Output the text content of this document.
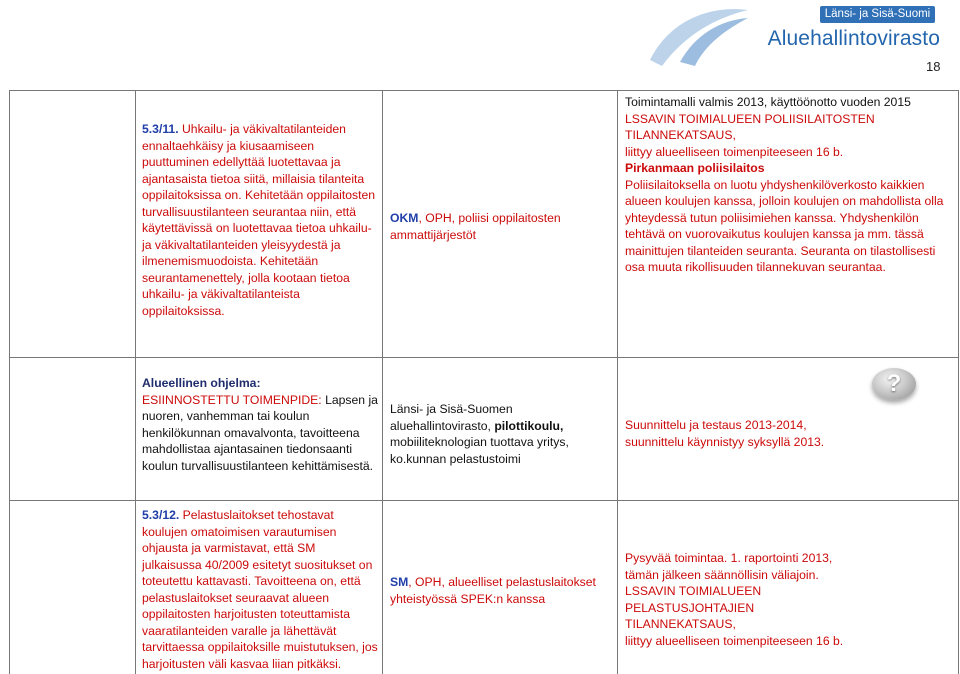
Länsi- ja Sisä-Suomi
Aluehallintovirasto
18
5.3/11. Uhkailu- ja väkivaltatilanteiden ennaltaehkäisy ja kiusaamiseen puuttuminen edellyttää luotettavaa ja ajantasaista tietoa siitä, millaisia tilanteita oppilaitoksissa on. Kehitetään oppilaitosten turvallisuustilanteen seurantaa niin, että käytettävissä on luotettavaa tietoa uhkailu- ja väkivaltatilanteiden yleisyydestä ja ilmenemismuodoista. Kehitetään seurantamenettely, jolla kootaan tietoa uhkailu- ja väkivaltatilanteista oppilaitoksissa.
OKM, OPH, poliisi oppilaitosten ammattijärjestöt
Toimintamalli valmis 2013, käyttöönotto vuoden 2015
LSSAVIN TOIMIALUEEN POLIISILAITOSTEN TILANNEKATSAUS,
liittyy alueelliseen toimenpiteeseen 16 b.
Pirkanmaan poliisilaitos
Poliisilaitoksella on luotu yhdyshenkilöverkosto kaikkien alueen koulujen kanssa, jolloin koulujen on mahdollista olla yhteydessä tutun poliisimiehen kanssa. Yhdyshenkilön tehtävä on vuorovaikutus koulujen kanssa ja mm. tässä mainittujen tilanteiden seuranta. Seuranta on tilastollisesti osa muuta rikollisuuden tilannekuvan seurantaa.
Alueellinen ohjelma:
ESIINNOSTETTU TOIMENPIDE: Lapsen ja nuoren, vanhemman tai koulun henkilökunnan omavalvonta, tavoitteena mahdollistaa ajantasainen tiedonsaanti koulun turvallisuustilanteen kehittämisestä.
Länsi- ja Sisä-Suomen aluehallintovirasto, pilottikoulu, mobiiliteknologian tuottava yritys, ko.kunnan pelastustoimi
Suunnittelu ja testaus 2013-2014, suunnittelu käynnistyy syksyllä 2013.
?
5.3/12. Pelastuslaitokset tehostavat koulujen omatoimisen varautumisen ohjausta ja varmistavat, että SM julkaisussa 40/2009 esitetyt suositukset on toteutettu kattavasti. Tavoitteena on, että pelastuslaitokset seuraavat alueen oppilaitosten harjoitusten toteuttamista vaaratilanteiden varalle ja lähettävät tarvittaessa oppilaitoksille muistutuksen, jos harjoitusten väli kasvaa liian pitkäksi.
SM, OPH, alueelliset pelastuslaitokset yhteistyössä SPEK:n kanssa
Pysyvää toimintaa. 1. raportointi 2013, tämän jälkeen säännöllisin väliajoin.
LSSAVIN TOIMIALUEEN PELASTUSJOHTAJIEN TILANNEKATSAUS,
liittyy alueelliseen toimenpiteeseen 16 b.
